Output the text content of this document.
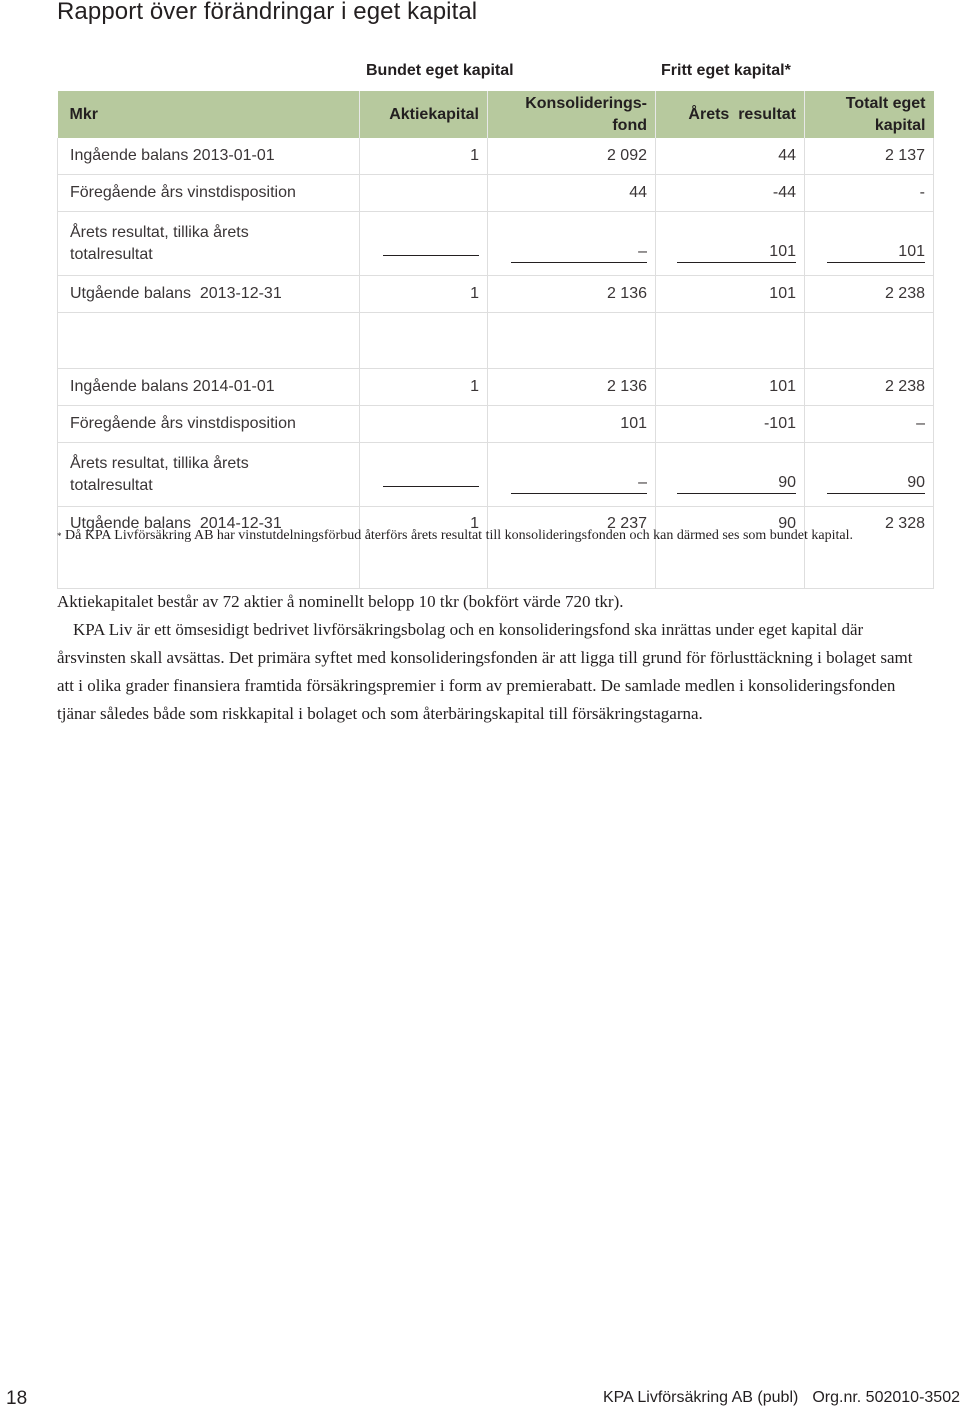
Rapport över förändringar i eget kapital
Bundet eget kapital	Fritt eget kapital*
Mkr	Aktiekapital	Konsoliderings-fond	Årets  resultat	Totalt eget kapital
Ingående balans 2013-01-01	1	2 092	44	2 137
Föregående års vinstdisposition		44	-44	-
Årets resultat, tillika årets totalresultat		–	101	101
Utgående balans  2013-12-31	1	2 136	101	2 238

Ingående balans 2014-01-01	1	2 136	101	2 238
Föregående års vinstdisposition		101	-101	–
Årets resultat, tillika årets totalresultat		–	90	90
Utgående balans  2014-12-31	1	2 237	90	2 328
* Då KPA Livförsäkring AB har vinstutdelningsförbud återförs årets resultat till konsolideringsfonden och kan därmed ses som bundet kapital.

Aktiekapitalet består av 72 aktier å nominellt belopp 10 tkr (bokfört värde 720 tkr).

KPA Liv är ett ömsesidigt bedrivet livförsäkringsbolag och en konsolideringsfond ska inrättas under eget kapital där årsvinsten skall avsättas. Det primära syftet med konsolideringsfonden är att ligga till grund för förlusttäckning i bolaget samt att i olika grader finansiera framtida försäkringspremier i form av premierabatt. De samlade medlen i konsolideringsfonden tjänar således både som riskkapital i bolaget och som återbäringskapital till försäkringstagarna.

18	KPA Livförsäkring AB (publ) Org.nr. 502010-3502
